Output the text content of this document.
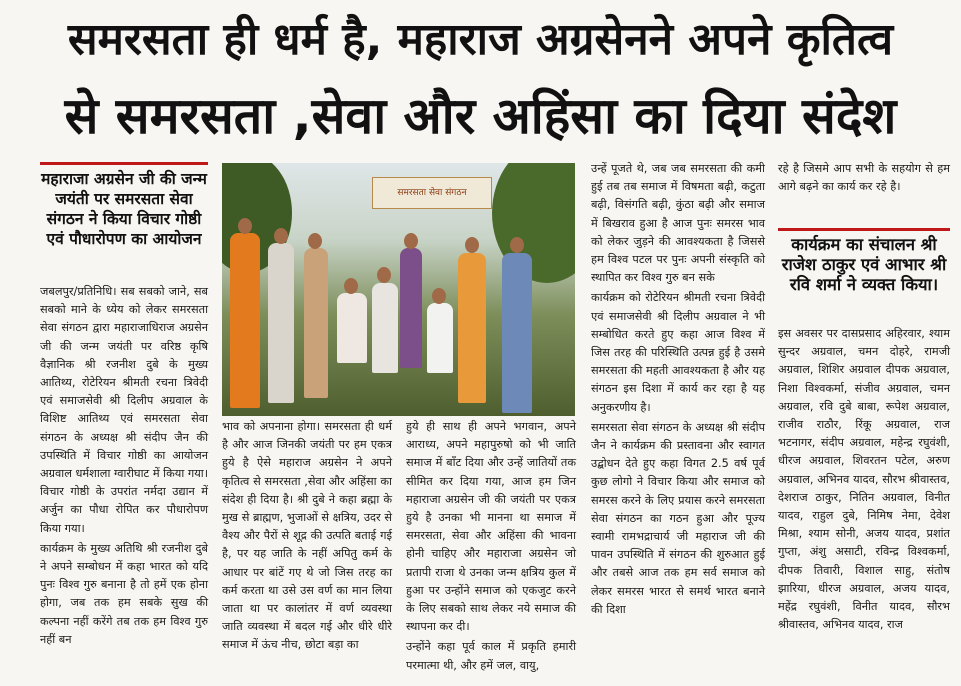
समरसता ही धर्म है, महाराज अग्रसेनने अपने कृतित्व
से समरसता ,सेवा और अहिंसा का दिया संदेश
महाराजा अग्रसेन जी की जन्म जयंती पर समरसता सेवा संगठन ने किया विचार गोष्ठी एवं पौधारोपण का आयोजन
समरसता सेवा संगठन

जबलपुर/प्रतिनिधि। सब सबको जाने, सब सबको माने के ध्येय को लेकर समरसता सेवा संगठन द्वारा महाराजाधिराज अग्रसेन जी की जन्म जयंती पर वरिष्ठ कृषि वैज्ञानिक श्री रजनीश दुबे के मुख्य आतिथ्य, रोटेरियन श्रीमती रचना त्रिवेदी एवं समाजसेवी श्री दिलीप अग्रवाल के विशिष्ट आतिथ्य एवं समरसता सेवा संगठन के अध्यक्ष श्री संदीप जैन की उपस्थिति में विचार गोष्ठी का आयोजन अग्रवाल धर्मशाला ग्वारीघाट में किया गया। विचार गोष्ठी के उपरांत नर्मदा उद्यान में अर्जुन का पौधा रोपित कर पौधारोपण किया गया।

कार्यक्रम के मुख्य अतिथि श्री रजनीश दुबे ने अपने सम्बोधन में कहा भारत को यदि पुनः विश्व गुरु बनाना है तो हमें एक होना होगा, जब तक हम सबके सुख की कल्पना नहीं करेंगे तब तक हम विश्व गुरु नहीं बन

भाव को अपनाना होगा। समरसता ही धर्म है और आज जिनकी जयंती पर हम एकत्र हुये है ऐसे महाराज अग्रसेन ने अपने कृतित्व से समरसता ,सेवा और अहिंसा का संदेश ही दिया है। श्री दुबे ने कहा ब्रह्मा के मुख से ब्राह्मण, भुजाओं से क्षत्रिय, उदर से वैश्य और पैरों से शूद्र की उत्पति बताई गई है, पर यह जाति के नहीं अपितु कर्म के आधार पर बांटें गए थे जो जिस तरह का कर्म करता था उसे उस वर्ण का मान लिया जाता था पर कालांतर में वर्ण व्यवस्था जाति व्यवस्था में बदल गई और धीरे धीरे समाज में ऊंच नीच, छोटा बड़ा का

हुये ही साथ ही अपने भगवान, अपने आराध्य, अपने महापुरुषो को भी जाति समाज में बाँट दिया और उन्हें जातियों तक सीमित कर दिया गया, आज हम जिन महाराजा अग्रसेन जी की जयंती पर एकत्र हुये है उनका भी मानना था समाज में समरसता, सेवा और अहिंसा की भावना होनी चाहिए और महाराजा अग्रसेन जो प्रतापी राजा थे उनका जन्म क्षत्रिय कुल में हुआ पर उन्होंने समाज को एकजुट करने के लिए सबको साथ लेकर नये समाज की स्थापना कर दी।

उन्होंने कहा पूर्व काल में प्रकृति हमारी परमात्मा थी, और हमें जल, वायु,

उन्हें पूजते थे, जब जब समरसता की कमी हुई तब तब समाज में विषमता बढ़ी, कटुता बढ़ी, विसंगति बढ़ी, कुंठा बढ़ी और समाज में बिखराव हुआ है आज पुनः समरस भाव को लेकर जुड़ने की आवश्यकता है जिससे हम विश्व पटल पर पुनः अपनी संस्कृति को स्थापित कर विश्व गुरु बन सके

कार्यक्रम को रोटेरियन श्रीमती रचना त्रिवेदी एवं समाजसेवी श्री दिलीप अग्रवाल ने भी सम्बोधित करते हुए कहा आज विश्व में जिस तरह की परिस्थिति उत्पन्न हुई है उसमे समरसता की महती आवश्यकता है और यह संगठन इस दिशा में कार्य कर रहा है यह अनुकरणीय है।

समरसता सेवा संगठन के अध्यक्ष श्री संदीप जैन ने कार्यक्रम की प्रस्तावना और स्वागत उद्बोधन देते हुए कहा विगत 2.5 वर्ष पूर्व कुछ लोगो ने विचार किया और समाज को समरस करने के लिए प्रयास करने समरसता सेवा संगठन का गठन हुआ और पूज्य स्वामी रामभद्राचार्य जी महाराज जी की पावन उपस्थिति में संगठन की शुरुआत हुई और तबसे आज तक हम सर्व समाज को लेकर समरस भारत से समर्थ भारत बनाने की दिशा

रहे है जिसमे आप सभी के सहयोग से हम आगे बढ़ने का कार्य कर रहे है।

कार्यक्रम का संचालन श्री राजेश ठाकुर एवं आभार श्री रवि शर्मा ने व्यक्त किया।

इस अवसर पर दासप्रसाद अहिरवार, श्याम सुन्दर अग्रवाल, चमन दोहरे, रामजी अग्रवाल, शिशिर अग्रवाल दीपक अग्रवाल, निशा विश्वकर्मा, संजीव अग्रवाल, चमन अग्रवाल, रवि दुबे बाबा, रूपेश अग्रवाल, राजीव राठौर, रिंकू अग्रवाल, राज भटनागर, संदीप अग्रवाल, महेन्द्र रघुवंशी, धीरज अग्रवाल, शिवरतन पटेल, अरुण अग्रवाल, अभिनव यादव, सौरभ श्रीवास्तव, देशराज ठाकुर, नितिन अग्रवाल, विनीत यादव, राहुल दुबे, निमिष नेमा, देवेश मिश्रा, श्याम सोनी, अजय यादव, प्रशांत गुप्ता, अंशु असाटी, रविन्द्र विश्वकर्मा, दीपक तिवारी, विशाल साहु, संतोष झारिया, धीरज अग्रवाल, अजय यादव, महेंद्र रघुवंशी, विनीत यादव, सौरभ श्रीवास्तव, अभिनव यादव, राज
